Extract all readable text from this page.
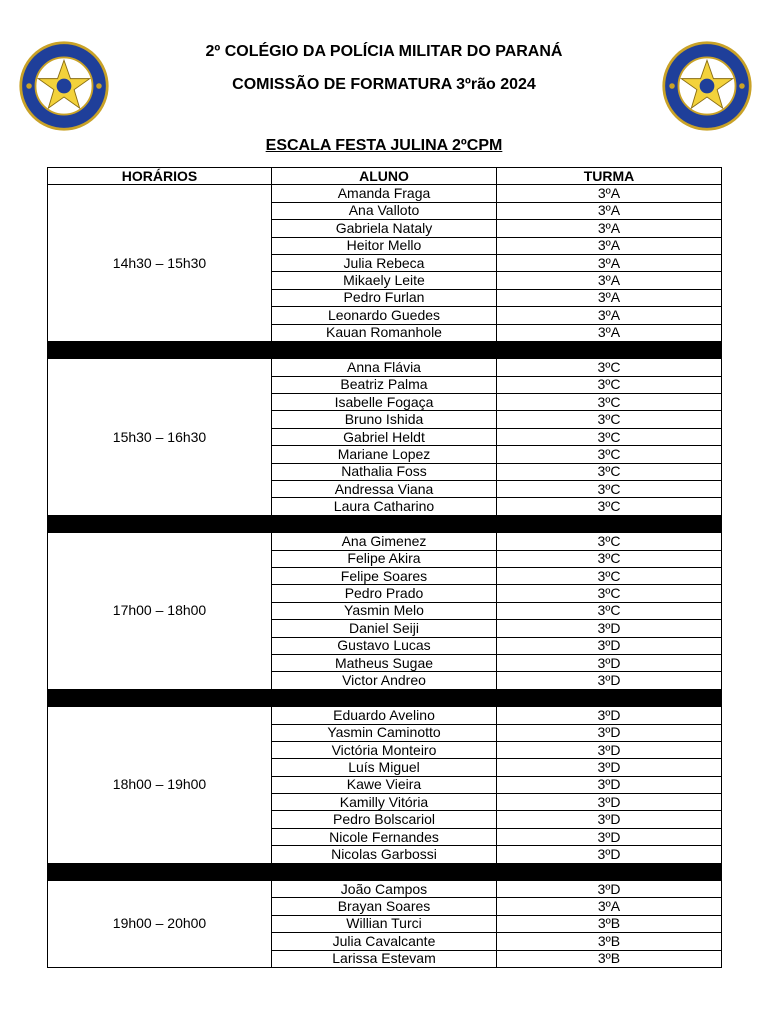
2º COLÉGIO DA POLÍCIA MILITAR DO PARANÁ
COMISSÃO DE FORMATURA 3ºrão 2024
ESCALA FESTA JULINA 2ºCPM
HORÁRIOS	ALUNO	TURMA
14h30 – 15h30	Amanda Fraga	3ºA
	Ana Valloto	3ºA
	Gabriela Nataly	3ºA
	Heitor Mello	3ºA
	Julia Rebeca	3ºA
	Mikaely Leite	3ºA
	Pedro Furlan	3ºA
	Leonardo Guedes	3ºA
	Kauan Romanhole	3ºA

15h30 – 16h30	Anna Flávia	3ºC
	Beatriz Palma	3ºC
	Isabelle Fogaça	3ºC
	Bruno Ishida	3ºC
	Gabriel Heldt	3ºC
	Mariane Lopez	3ºC
	Nathalia Foss	3ºC
	Andressa Viana	3ºC
	Laura Catharino	3ºC

17h00 – 18h00	Ana Gimenez	3ºC
	Felipe Akira	3ºC
	Felipe Soares	3ºC
	Pedro Prado	3ºC
	Yasmin Melo	3ºC
	Daniel Seiji	3ºD
	Gustavo Lucas	3ºD
	Matheus Sugae	3ºD
	Victor Andreo	3ºD

18h00 – 19h00	Eduardo Avelino	3ºD
	Yasmin Caminotto	3ºD
	Victória Monteiro	3ºD
	Luís Miguel	3ºD
	Kawe Vieira	3ºD
	Kamilly Vitória	3ºD
	Pedro Bolscariol	3ºD
	Nicole Fernandes	3ºD
	Nicolas Garbossi	3ºD

19h00 – 20h00	João Campos	3ºD
	Brayan Soares	3ºA
	Willian Turci	3ºB
	Julia Cavalcante	3ºB
	Larissa Estevam	3ºB
